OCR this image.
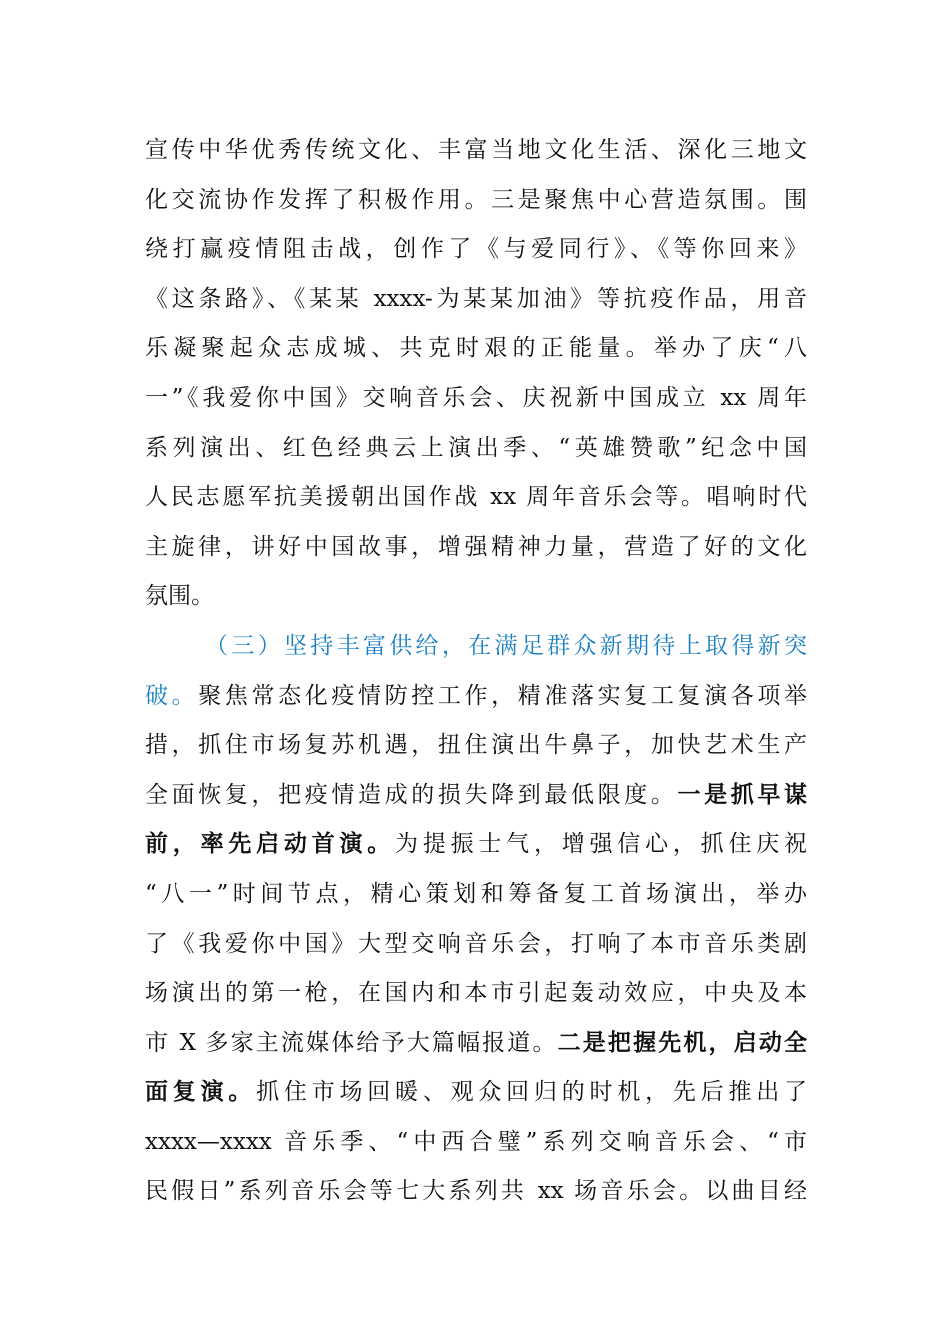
宣传中华优秀传统文化、丰富当地文化生活、深化三地文
化交流协作发挥了积极作用。三是聚焦中心营造氛围。围
绕打赢疫情阻击战，创作了《与爱同行》、《等你回来》
《这条路》、《某某 xxxx-为某某加油》等抗疫作品，用音
乐凝聚起众志成城、共克时艰的正能量。举办了庆“八
一”《我爱你中国》交响音乐会、庆祝新中国成立 xx 周年
系列演出、红色经典云上演出季、“英雄赞歌”纪念中国
人民志愿军抗美援朝出国作战 xx 周年音乐会等。唱响时代
主旋律，讲好中国故事，增强精神力量，营造了好的文化
氛围。
（三）坚持丰富供给，在满足群众新期待上取得新突
破。聚焦常态化疫情防控工作，精准落实复工复演各项举
措，抓住市场复苏机遇，扭住演出牛鼻子，加快艺术生产
全面恢复，把疫情造成的损失降到最低限度。一是抓早谋
前，率先启动首演。为提振士气，增强信心，抓住庆祝
“八一”时间节点，精心策划和筹备复工首场演出，举办
了《我爱你中国》大型交响音乐会，打响了本市音乐类剧
场演出的第一枪，在国内和本市引起轰动效应，中央及本
市 X 多家主流媒体给予大篇幅报道。二是把握先机，启动全
面复演。抓住市场回暖、观众回归的时机，先后推出了
xxxx—xxxx 音乐季、“中西合璧”系列交响音乐会、“市
民假日”系列音乐会等七大系列共 xx 场音乐会。以曲目经
